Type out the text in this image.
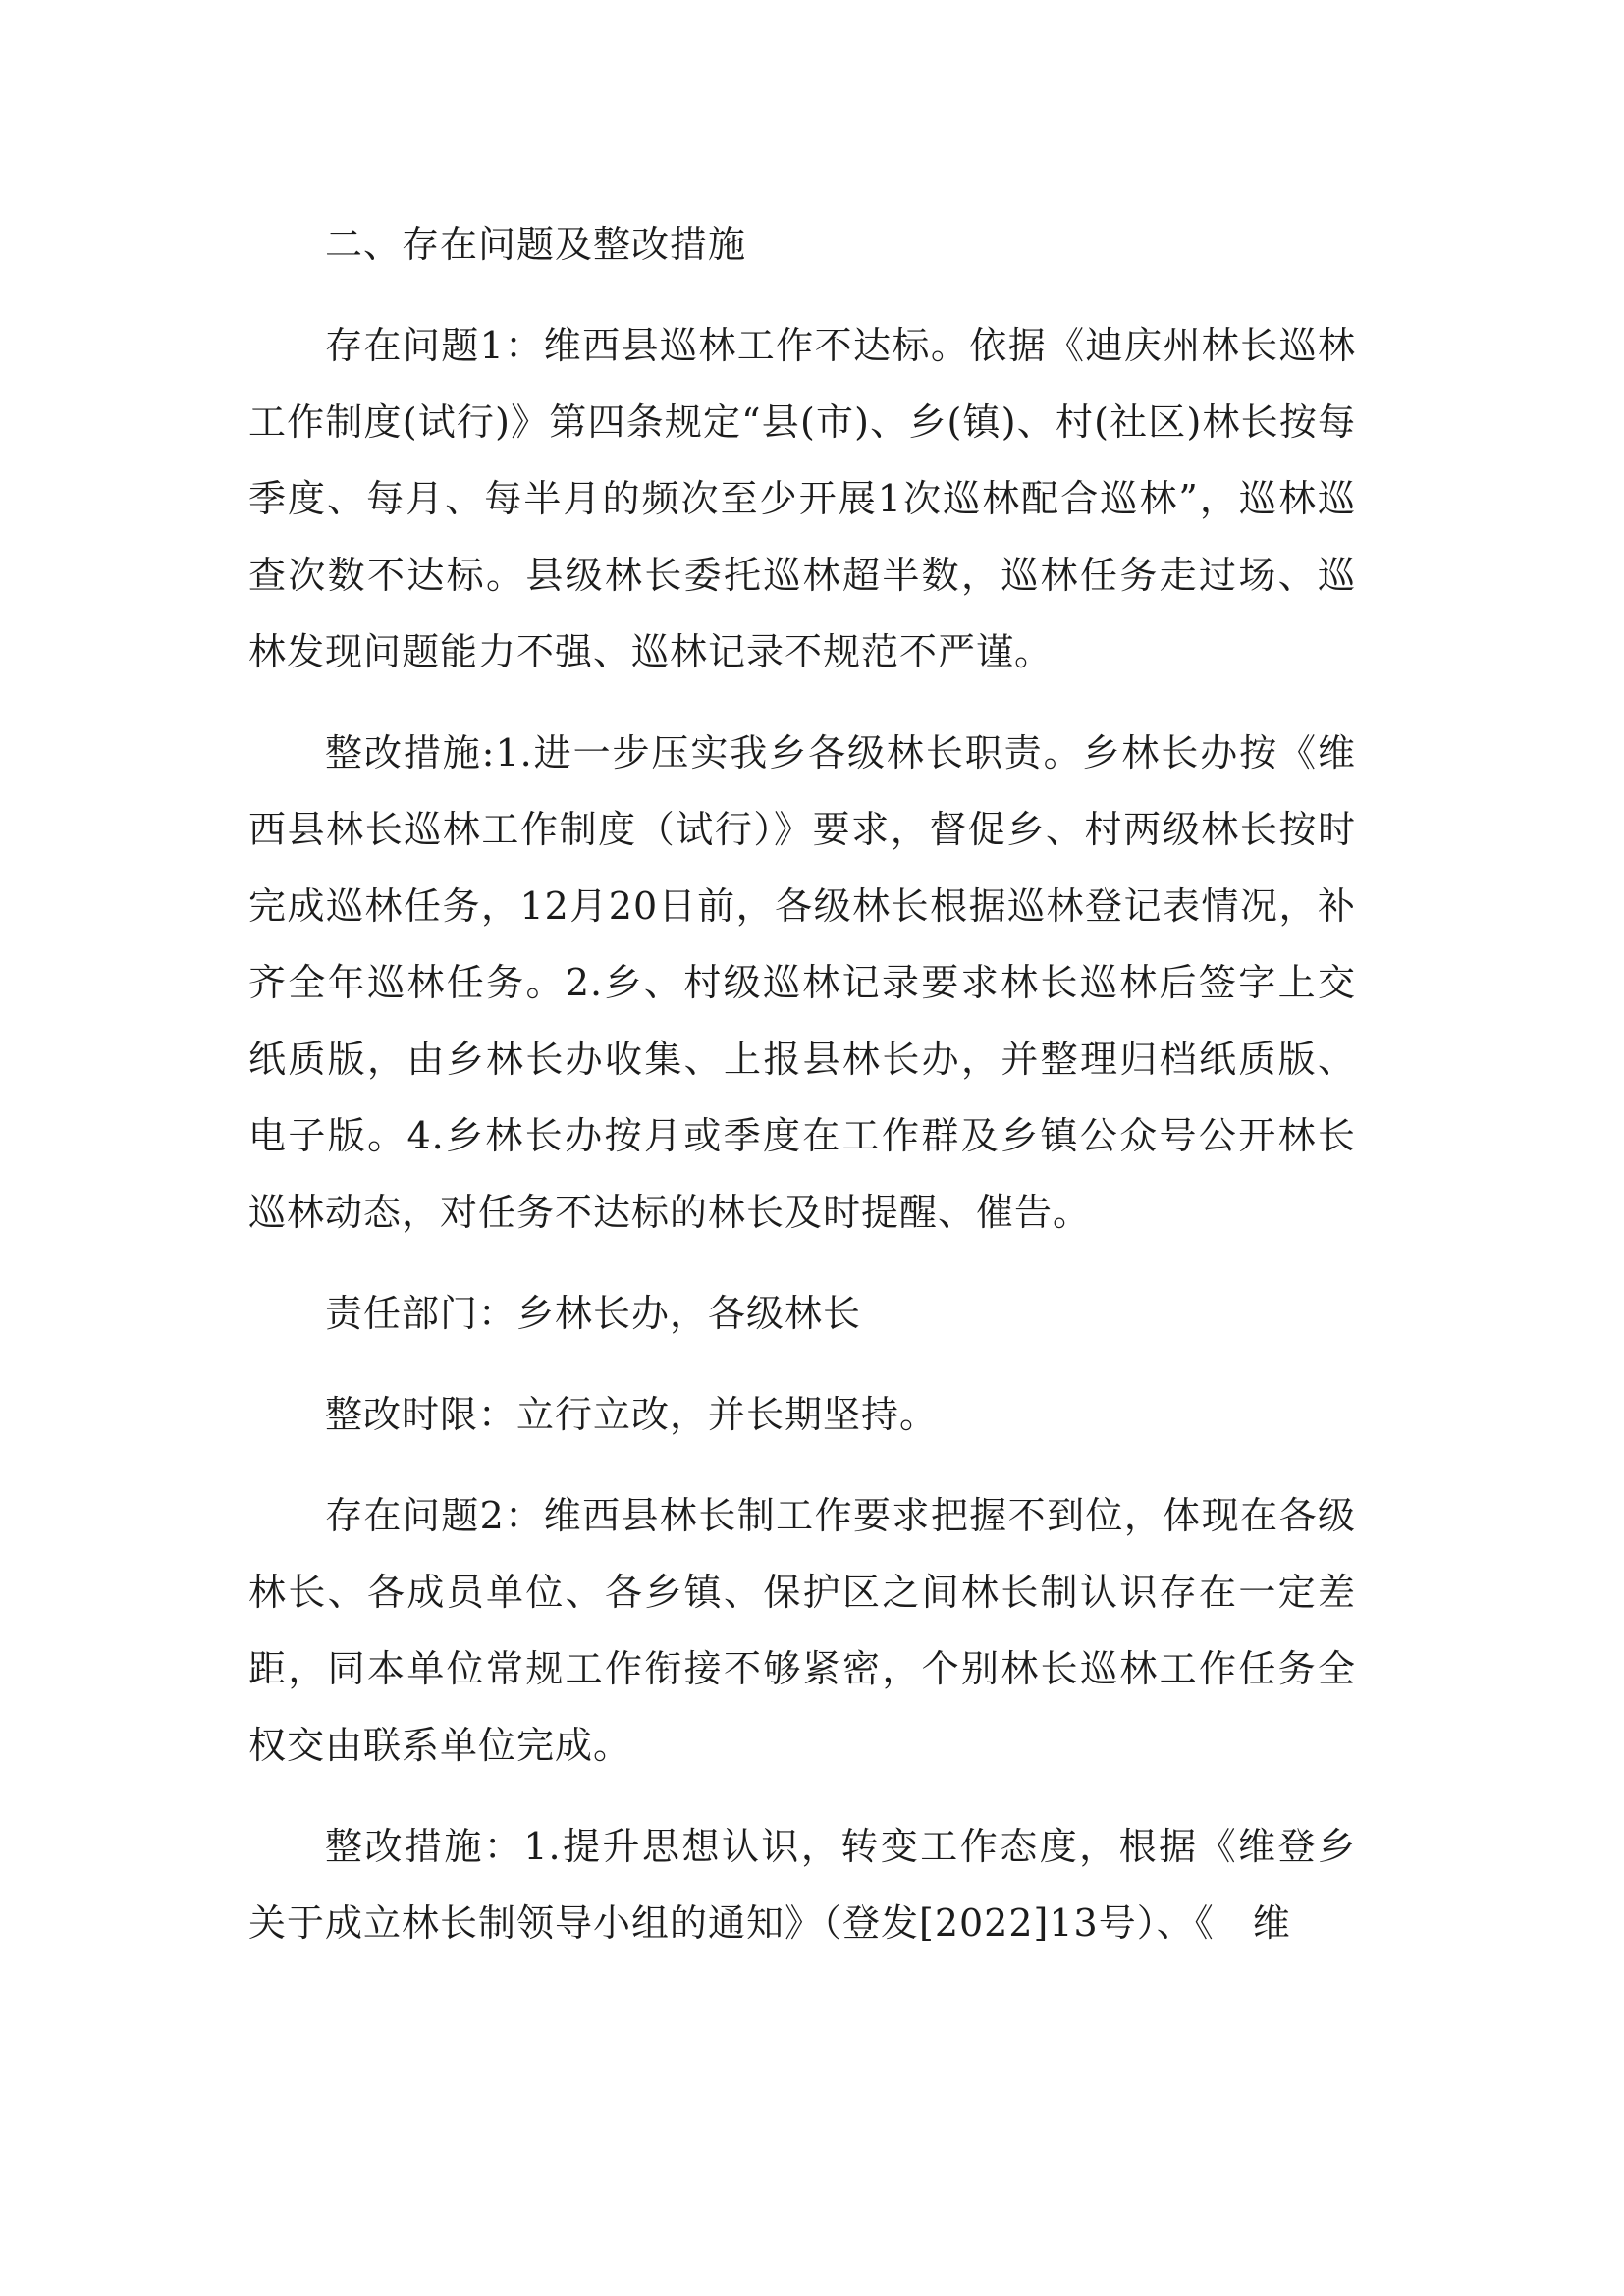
二、存在问题及整改措施

存在问题1：维西县巡林工作不达标。依据《迪庆州林长巡林工作制度(试行)》第四条规定“县(市)、乡(镇)、村(社区)林长按每季度、每月、每半月的频次至少开展1次巡林配合巡林”，巡林巡查次数不达标。县级林长委托巡林超半数，巡林任务走过场、巡林发现问题能力不强、巡林记录不规范不严谨。

整改措施:1.进一步压实我乡各级林长职责。乡林长办按《维西县林长巡林工作制度（试行）》要求，督促乡、村两级林长按时完成巡林任务，12月20日前，各级林长根据巡林登记表情况，补齐全年巡林任务。2.乡、村级巡林记录要求林长巡林后签字上交纸质版，由乡林长办收集、上报县林长办，并整理归档纸质版、电子版。4.乡林长办按月或季度在工作群及乡镇公众号公开林长巡林动态，对任务不达标的林长及时提醒、催告。

责任部门：乡林长办，各级林长

整改时限：立行立改，并长期坚持。

存在问题2：维西县林长制工作要求把握不到位，体现在各级林长、各成员单位、各乡镇、保护区之间林长制认识存在一定差距，同本单位常规工作衔接不够紧密，个别林长巡林工作任务全权交由联系单位完成。

整改措施：1.提升思想认识，转变工作态度，根据《维登乡关于成立林长制领导小组的通知》（登发[2022]13号）、《　维
